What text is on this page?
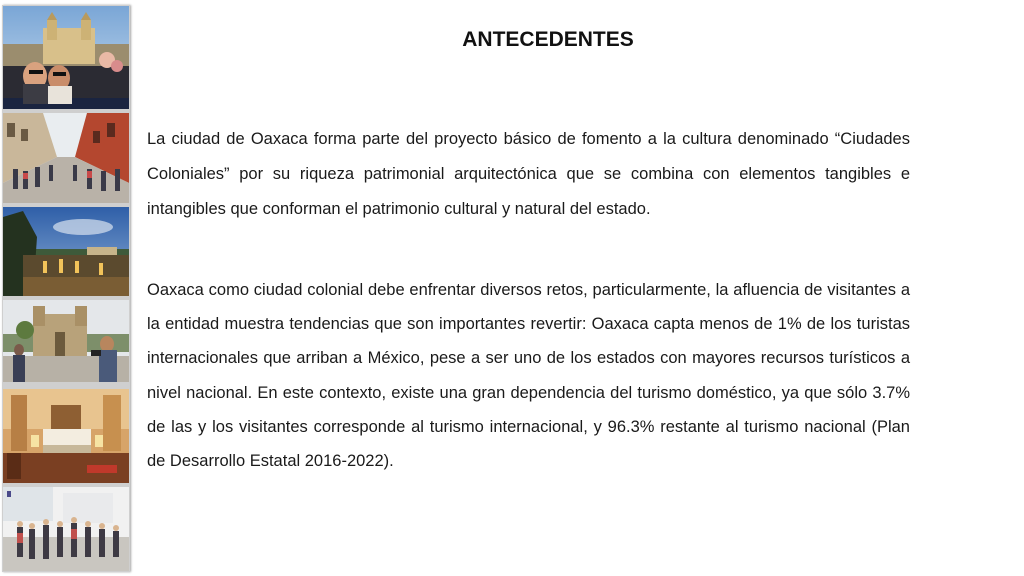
ANTECEDENTES

La ciudad de Oaxaca forma parte del proyecto básico de fomento a la cultura denominado “Ciudades Coloniales” por su riqueza patrimonial arquitectónica que se combina con elementos tangibles e intangibles que conforman el patrimonio cultural y natural del estado.

Oaxaca como ciudad colonial debe enfrentar diversos retos, particularmente, la afluencia de visitantes a la entidad muestra tendencias que son importantes revertir: Oaxaca capta menos de 1% de los turistas internacionales que arriban a México, pese a ser uno de los estados con mayores recursos turísticos a nivel nacional. En este contexto, existe una gran dependencia del turismo doméstico, ya que sólo 3.7% de las y los visitantes corresponde al turismo internacional, y 96.3% restante al turismo nacional (Plan de Desarrollo Estatal 2016-2022).
